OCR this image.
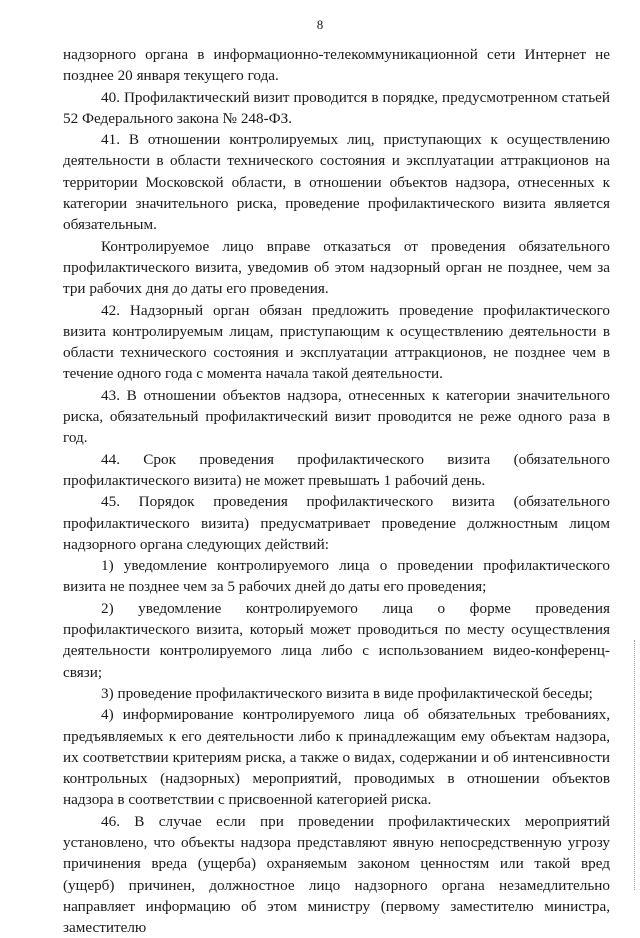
8

надзорного органа в информационно-телекоммуникационной сети Интернет не позднее 20 января текущего года.

40. Профилактический визит проводится в порядке, предусмотренном статьей 52 Федерального закона № 248-ФЗ.

41. В отношении контролируемых лиц, приступающих к осуществлению деятельности в области технического состояния и эксплуатации аттракционов на территории Московской области, в отношении объектов надзора, отнесенных к категории значительного риска, проведение профилактического визита является обязательным.

Контролируемое лицо вправе отказаться от проведения обязательного профилактического визита, уведомив об этом надзорный орган не позднее, чем за три рабочих дня до даты его проведения.

42. Надзорный орган обязан предложить проведение профилактического визита контролируемым лицам, приступающим к осуществлению деятельности в области технического состояния и эксплуатации аттракционов, не позднее чем в течение одного года с момента начала такой деятельности.

43. В отношении объектов надзора, отнесенных к категории значительного риска, обязательный профилактический визит проводится не реже одного раза в год.

44. Срок проведения профилактического визита (обязательного профилактического визита) не может превышать 1 рабочий день.

45. Порядок проведения профилактического визита (обязательного профилактического визита) предусматривает проведение должностным лицом надзорного органа следующих действий:

1) уведомление контролируемого лица о проведении профилактического визита не позднее чем за 5 рабочих дней до даты его проведения;

2) уведомление контролируемого лица о форме проведения профилактического визита, который может проводиться по месту осуществления деятельности контролируемого лица либо с использованием видео-конференц-связи;

3) проведение профилактического визита в виде профилактической беседы;

4) информирование контролируемого лица об обязательных требованиях, предъявляемых к его деятельности либо к принадлежащим ему объектам надзора, их соответствии критериям риска, а также о видах, содержании и об интенсивности контрольных (надзорных) мероприятий, проводимых в отношении объектов надзора в соответствии с присвоенной категорией риска.

46. В случае если при проведении профилактических мероприятий установлено, что объекты надзора представляют явную непосредственную угрозу причинения вреда (ущерба) охраняемым законом ценностям или такой вред (ущерб) причинен, должностное лицо надзорного органа незамедлительно направляет информацию об этом министру (первому заместителю министра, заместителю
